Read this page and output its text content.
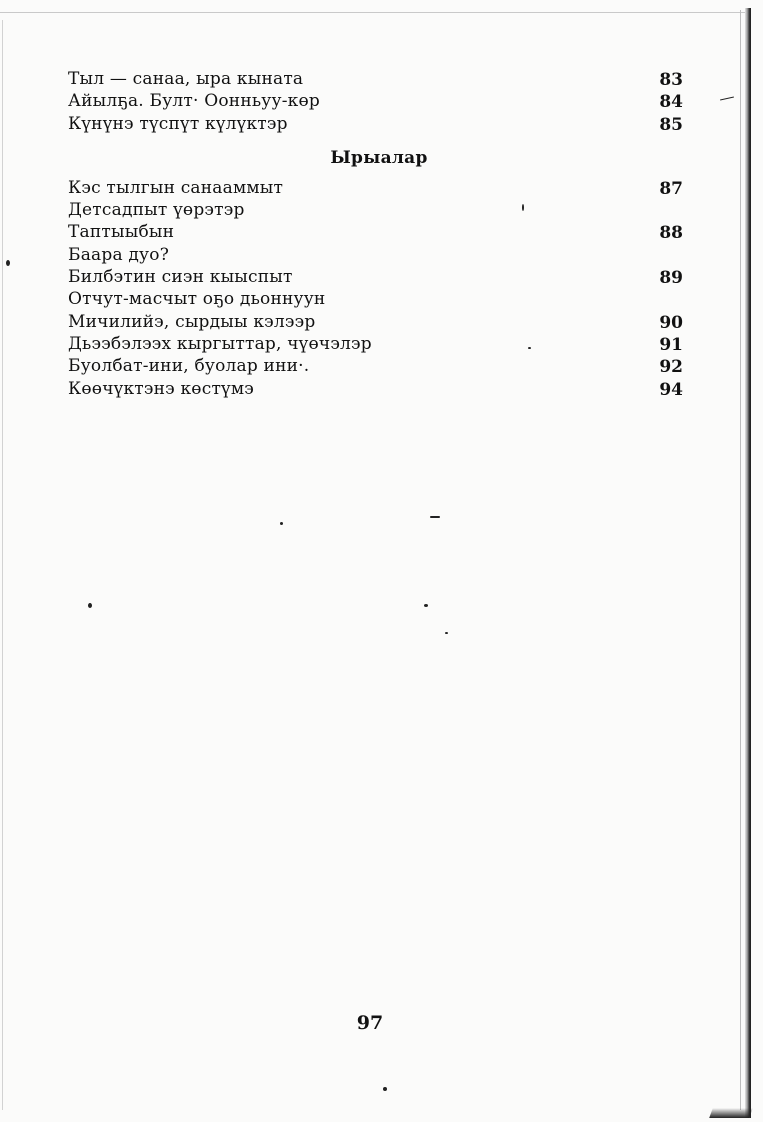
Тыл — санаа, ыра кыната	83
Айылҕа. Булт· Оонньуу-көр	84
Күнүнэ түспүт күлүктэр	85
Ырыалар
Кэс тылгын санааммыт	87
Детсадпыт үөрэтэр
Таптыыбын	88
Баара дуо?
Билбэтин сиэн кыыспыт	89
Отчут-масчыт оҕо дьоннуун
Мичилийэ, сырдыы кэлээр	90
Дьээбэлээх кыргыттар, чүөчэлэр	91
Буолбат-ини, буолар ини·.	92
Көөчүктэнэ көстүмэ	94
97
